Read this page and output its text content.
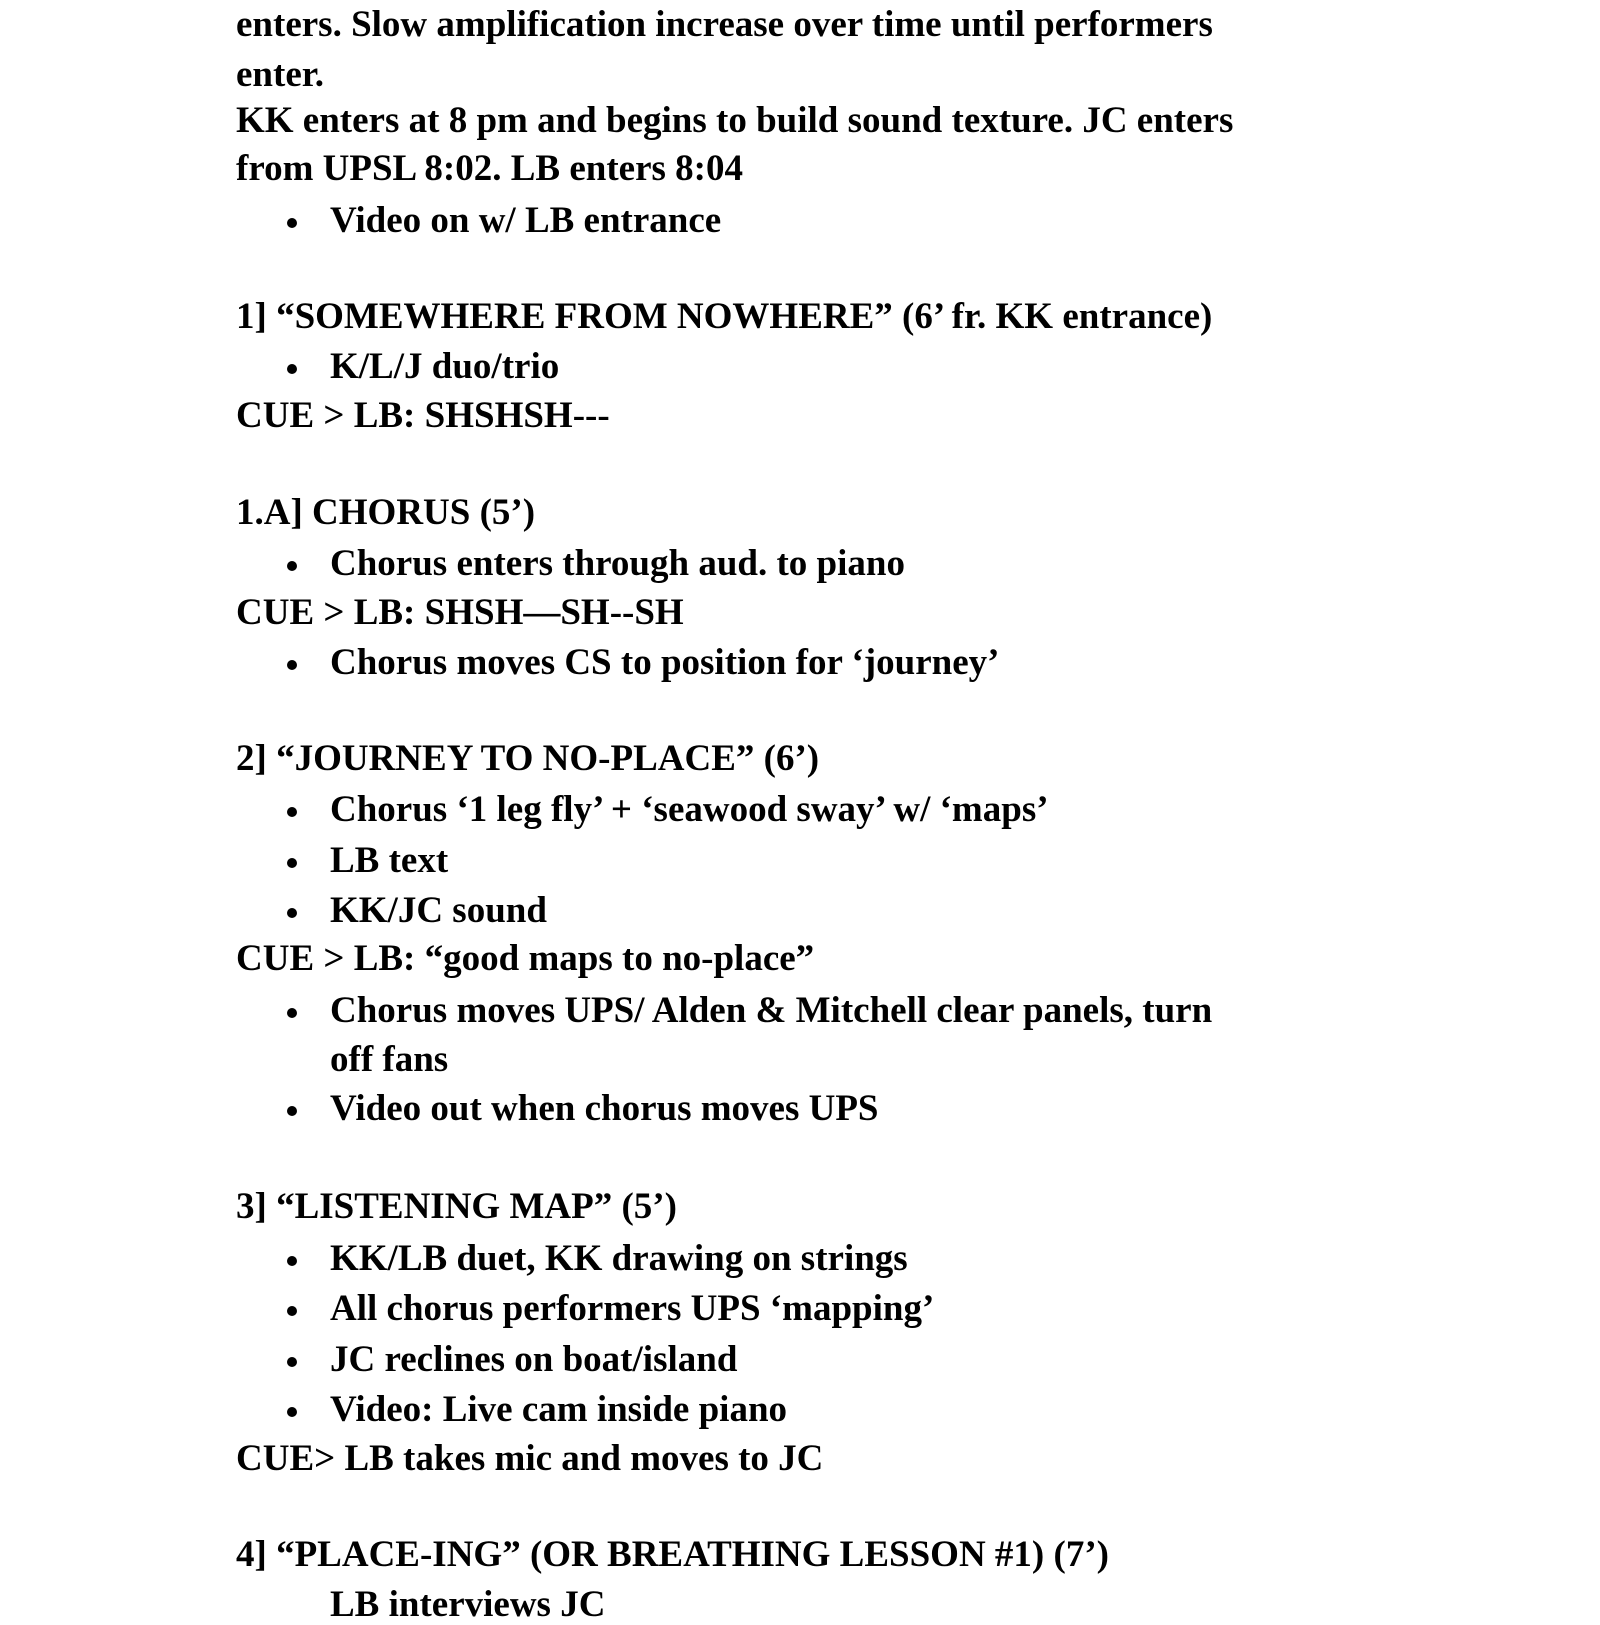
enters. Slow amplification increase over time until performers
enter.
KK enters at 8 pm and begins to build sound texture. JC enters
from UPSL 8:02. LB enters 8:04
Video on w/ LB entrance
1] “SOMEWHERE FROM NOWHERE” (6’ fr. KK entrance)
K/L/J duo/trio
CUE > LB: SHSHSH---
1.A] CHORUS (5’)
Chorus enters through aud. to piano
CUE > LB: SHSH—SH--SH
Chorus moves CS to position for ‘journey’
2] “JOURNEY TO NO-PLACE” (6’)
Chorus ‘1 leg fly’ + ‘seawood sway’ w/ ‘maps’
LB text
KK/JC sound
CUE > LB: “good maps to no-place”
Chorus moves UPS/ Alden & Mitchell clear panels, turn
off fans
Video out when chorus moves UPS
3] “LISTENING MAP” (5’)
KK/LB duet, KK drawing on strings
All chorus performers UPS ‘mapping’
JC reclines on boat/island
Video: Live cam inside piano
CUE> LB takes mic and moves to JC
4] “PLACE-ING” (OR BREATHING LESSON #1) (7’)
LB interviews JC
